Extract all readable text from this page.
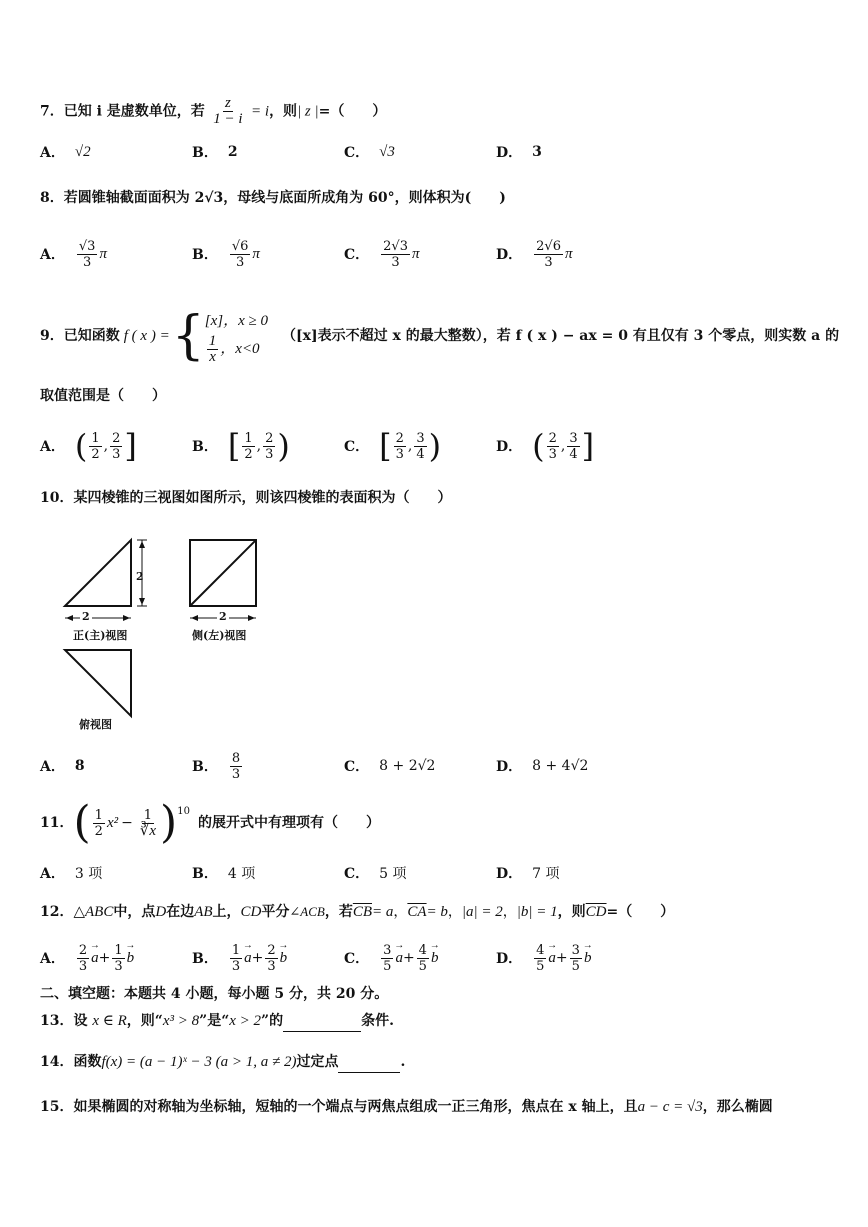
7．已知 i 是虚数单位，若 $\frac{z}{1 - i} = i$，则| z |=（　　）
A． √2	B． 2	C． √3	D． 3
8．若圆锥轴截面面积为 2√3，母线与底面所成角为 60°，则体积为(　　)
A． $\frac{√3}{3}$ π	B． $\frac{√6}{3}$ π	C． $\frac{2√3}{3}$ π	D． $\frac{2√6}{3}$ π
9．已知函数 f ( x ) = { [x]，x ≥ 0
$\frac{1}{x}$ ，x<0
（[x]表示不超过 x 的最大整数），若 f ( x ) − ax = 0 有且仅有 3 个零点，则实数 a 的
取值范围是（　　）
A． ( $\frac{1}{2}$ , $\frac{2}{3}$ ]	B． [ $\frac{1}{2}$ , $\frac{2}{3}$ )	C． [ $\frac{2}{3}$ , $\frac{3}{4}$ )	D． ( $\frac{2}{3}$ , $\frac{3}{4}$ ]
10．某四棱锥的三视图如图所示，则该四棱锥的表面积为（　　）
2
2
2
正(主)视图	侧(左)视图
俯视图
A． 8	B． $\frac{8}{3}$	C． 8 + 2√2	D． 8 + 4√2
11． ( $\frac{1}{2} x^2 - \frac{1}{∛x}$ ) 10
的展开式中有理项有（　　）
A． 3 项	B． 4 项	C． 5 项	D． 7 项
12．△ABC中，点D在边AB上，CD平分∠ACB，若$\overline{CB}= a$，$\overline{CA}= b$，|a| = 2，|b| = 1，则$\overline{CD}=$（　　）
A． $\frac{2}{3} \to a + \frac{1}{3} \to b$	B． $\frac{1}{3} \to a + \frac{2}{3} \to b$	C． $\frac{3}{5} \to a + \frac{4}{5} \to b$	D． $\frac{4}{5} \to a + \frac{3}{5} \to b$
二、填空题：本题共 4 小题，每小题 5 分，共 20 分。
13．设 x ∈ R，则“x³ > 8”是“x > 2”的	条件.
14．函数f(x) = (a − 1)ˣ − 3 (a > 1, a ≠ 2)过定点	.
15．如果椭圆的对称轴为坐标轴，短轴的一个端点与两焦点组成一正三角形，焦点在 x 轴上，且a − c = √3，那么椭圆
